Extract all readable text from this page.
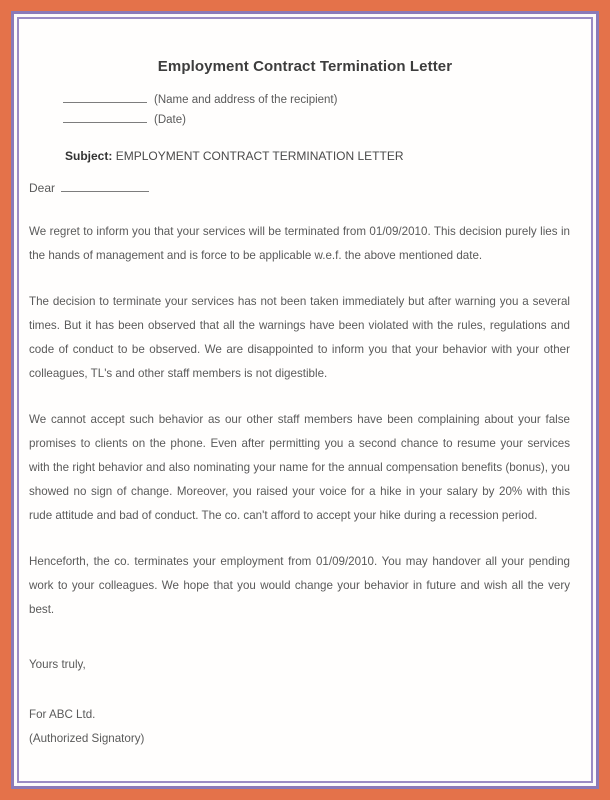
Employment Contract Termination Letter
(Name and address of the recipient)
(Date)
Subject: EMPLOYMENT CONTRACT TERMINATION LETTER
Dear

We regret to inform you that your services will be terminated from 01/09/2010. This decision purely lies in the hands of management and is force to be applicable w.e.f. the above mentioned date.

The decision to terminate your services has not been taken immediately but after warning you a several times. But it has been observed that all the warnings have been violated with the rules, regulations and code of conduct to be observed. We are disappointed to inform you that your behavior with your other colleagues, TL's and other staff members is not digestible.

We cannot accept such behavior as our other staff members have been complaining about your false promises to clients on the phone. Even after permitting you a second chance to resume your services with the right behavior and also nominating your name for the annual compensation benefits (bonus), you showed no sign of change. Moreover, you raised your voice for a hike in your salary by 20% with this rude attitude and bad of conduct. The co. can't afford to accept your hike during a recession period.

Henceforth, the co. terminates your employment from 01/09/2010. You may handover all your pending work to your colleagues. We hope that you would change your behavior in future and wish all the very best.

Yours truly,
For ABC Ltd.
(Authorized Signatory)
